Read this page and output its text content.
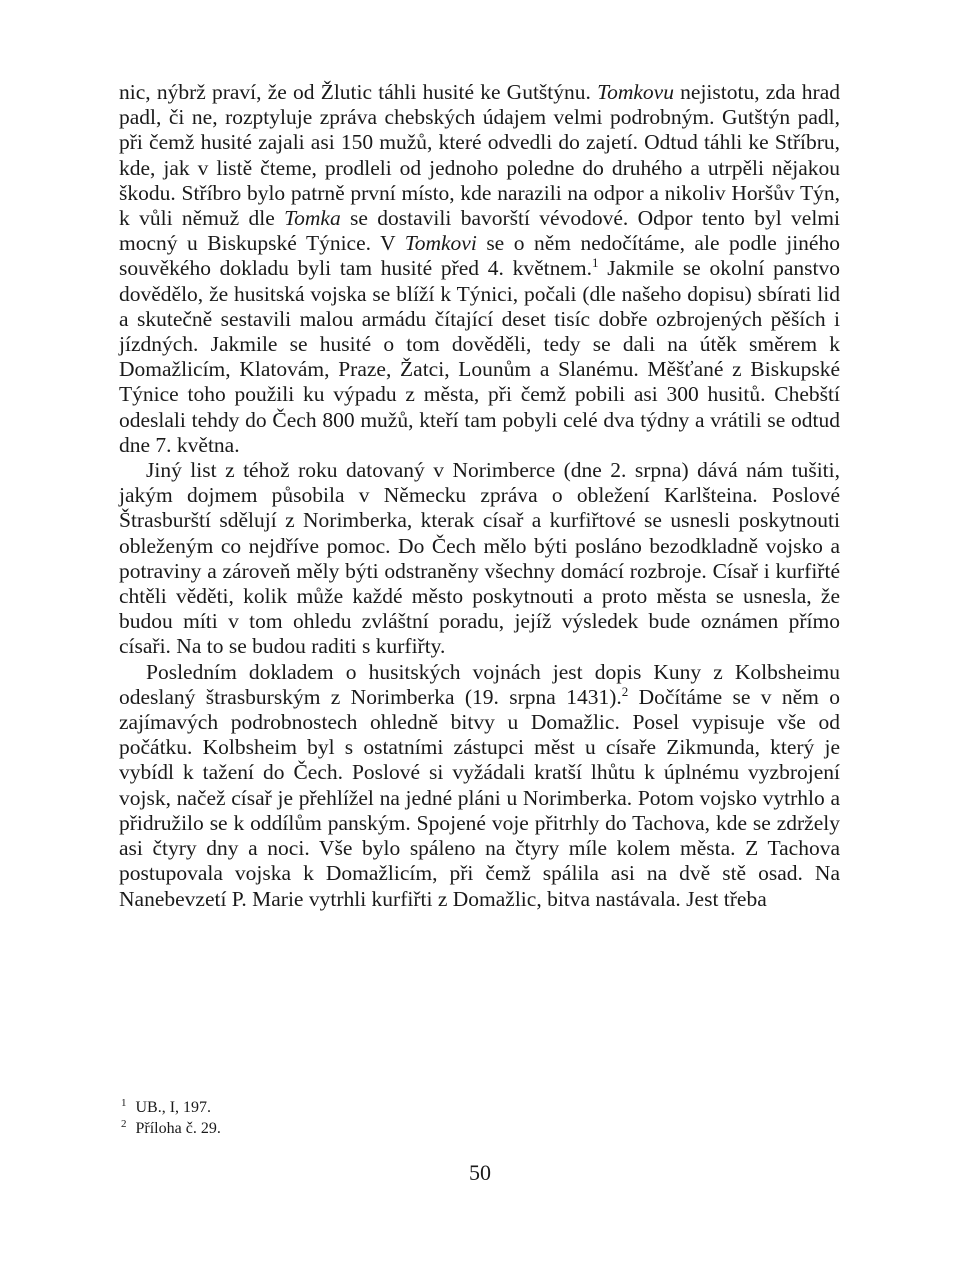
nic, nýbrž praví, že od Žlutic táhli husité ke Gutštýnu. Tomkovu nejistotu, zda hrad padl, či ne, rozptyluje zpráva chebských údajem velmi podrobným. Gutštýn padl, při čemž husité zajali asi 150 mužů, které odvedli do zajetí. Odtud táhli ke Stříbru, kde, jak v listě čteme, prodleli od jednoho poledne do druhého a utrpěli nějakou škodu. Stříbro bylo patrně první místo, kde narazili na odpor a nikoliv Horšův Týn, k vůli němuž dle Tomka se dostavili bavorští vévodové. Odpor tento byl velmi mocný u Biskupské Týnice. V Tomkovi se o něm nedočítáme, ale podle jiného souvěkého dokladu byli tam husité před 4. květnem.$^1$ Jakmile se okolní panstvo dovědělo, že husitská vojska se blíží k Týnici, počali (dle našeho dopisu) sbírati lid a skutečně sestavili malou armádu čítající deset tisíc dobře ozbrojených pěších i jízdných. Jakmile se husité o tom dověděli, tedy se dali na útěk směrem k Domažlicím, Klatovám, Praze, Žatci, Lounům a Slanému. Měšťané z Biskupské Týnice toho použili ku výpadu z města, při čemž pobili asi 300 husitů. Chebští odeslali tehdy do Čech 800 mužů, kteří tam pobyli celé dva týdny a vrátili se odtud dne 7. května.

Jiný list z téhož roku datovaný v Norimberce (dne 2. srpna) dává nám tušiti, jakým dojmem působila v Německu zpráva o obležení Karlšteina. Poslové Štrasburští sdělují z Norimberka, kterak císař a kurfiřtové se usnesli poskytnouti obleženým co nejdříve pomoc. Do Čech mělo býti posláno bezodkladně vojsko a potraviny a zároveň měly býti odstraněny všechny domácí rozbroje. Císař i kurfiřté chtěli věděti, kolik může každé město poskytnouti a proto města se usnesla, že budou míti v tom ohledu zvláštní poradu, jejíž výsledek bude oznámen přímo císaři. Na to se budou raditi s kurfiřty.

Posledním dokladem o husitských vojnách jest dopis Kuny z Kolbsheimu odeslaný štrasburským z Norimberka (19. srpna 1431).$^2$ Dočítáme se v něm o zajímavých podrobnostech ohledně bitvy u Domažlic. Posel vypisuje vše od počátku. Kolbsheim byl s ostatními zástupci měst u císaře Zikmunda, který je vybídl k tažení do Čech. Poslové si vyžádali kratší lhůtu k úplnému vyzbrojení vojsk, načež císař je přehlížel na jedné pláni u Norimberka. Potom vojsko vytrhlo a přidružilo se k oddílům panským. Spojené voje přitrhly do Tachova, kde se zdržely asi čtyry dny a noci. Vše bylo spáleno na čtyry míle kolem města. Z Tachova postupovala vojska k Domažlicím, při čemž spálila asi na dvě stě osad. Na Nanebevzetí P. Marie vytrhli kurfiřti z Domažlic, bitva nastávala. Jest třeba

$^1$ UB., I, 197.

$^2$ Příloha č. 29.

50
